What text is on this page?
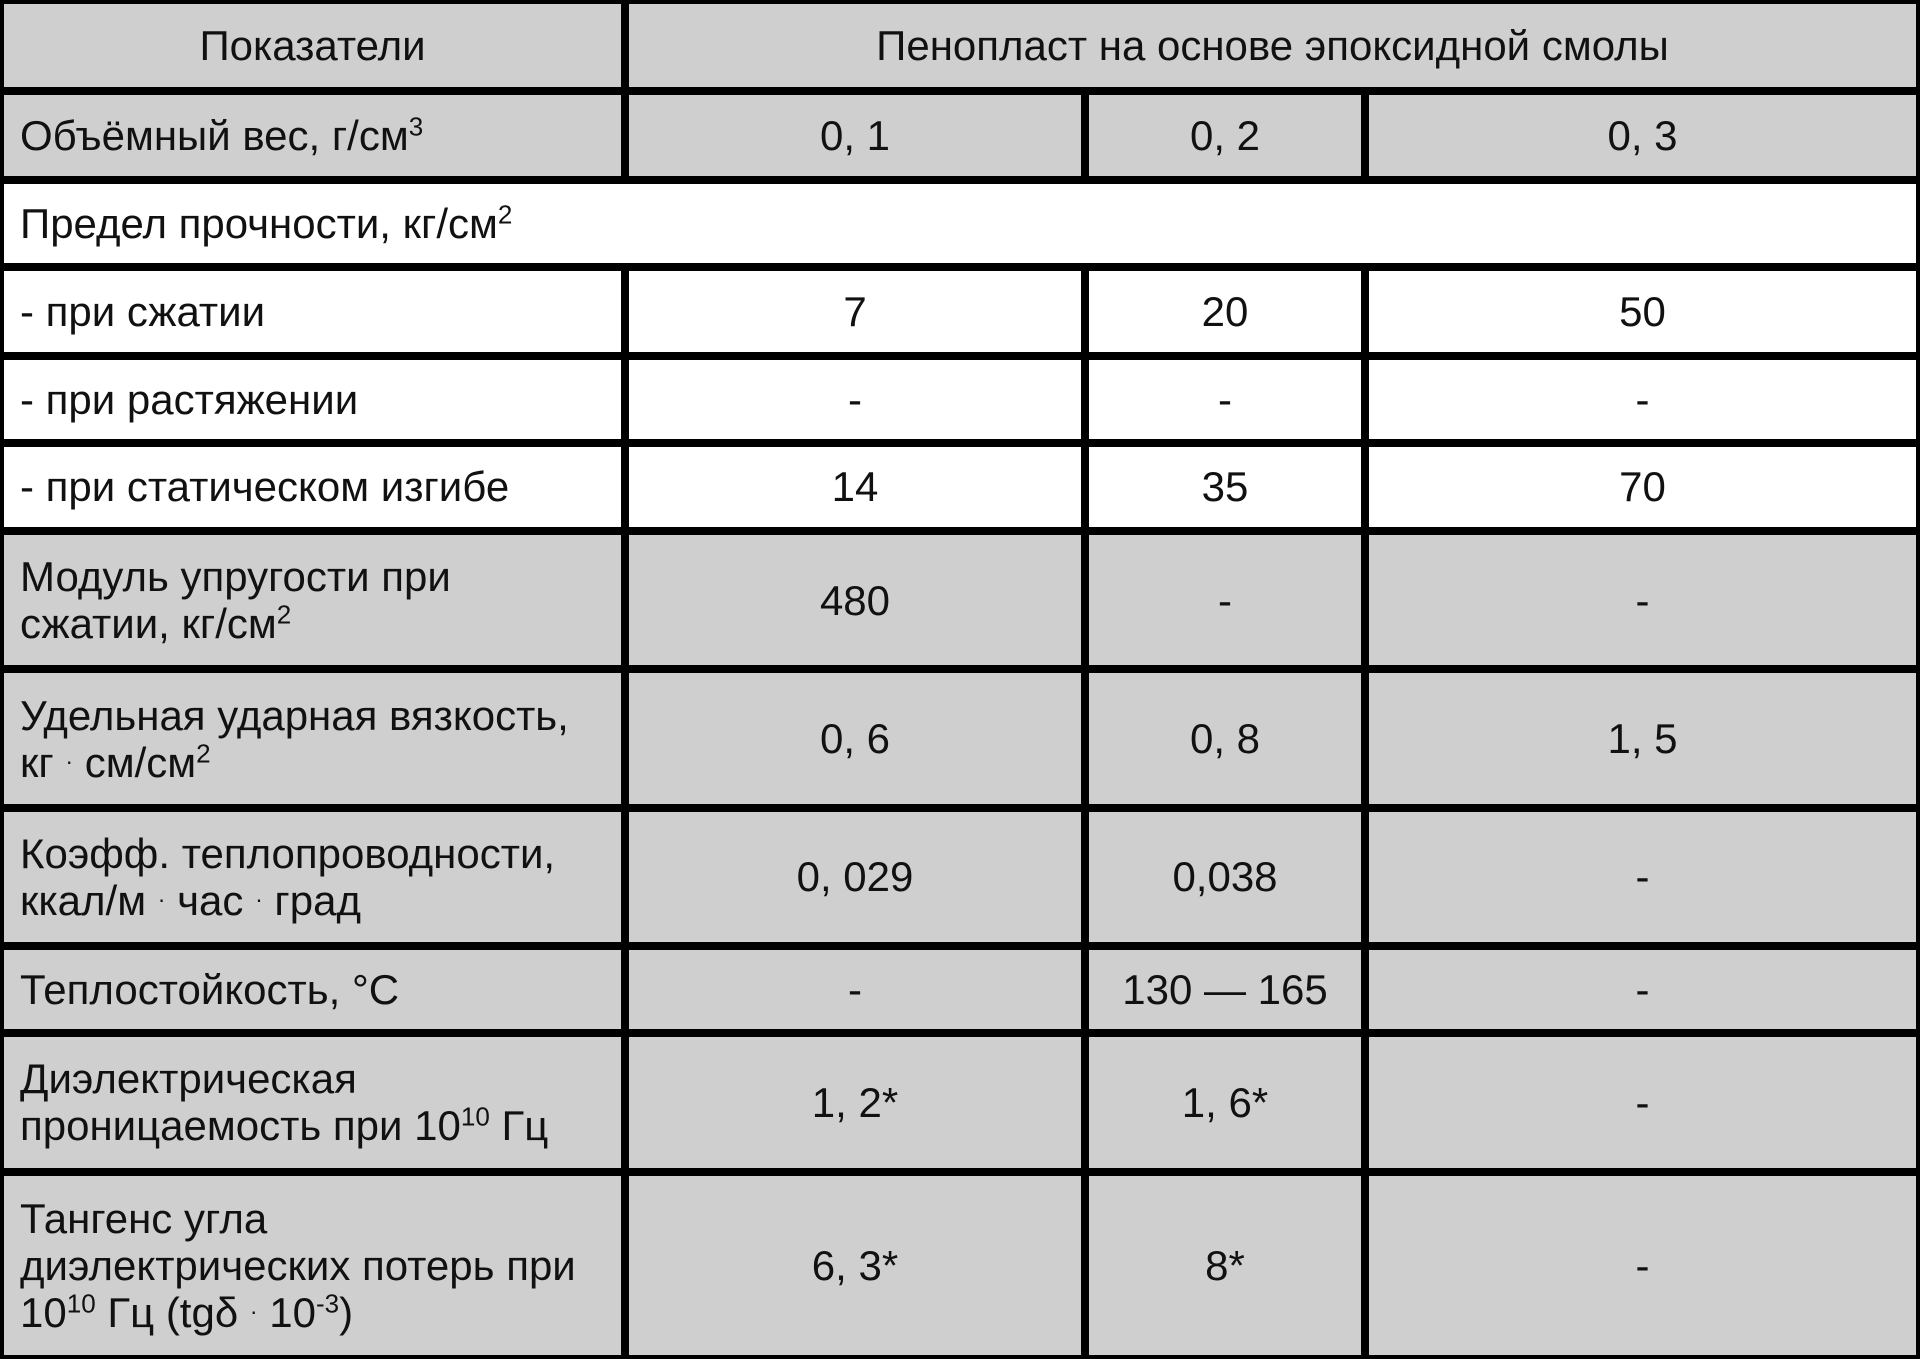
Показатели	Пенопласт на основе эпоксидной смолы		
Объёмный вес, $г/см^3$	0, 1	0, 2	0, 3
Предел прочности, $кг/см^2$
- при сжатии	7	20	50
- при растяжении	-	-	-
- при статическом изгибе	14	35	70
Модуль упругости при
сжатии, $кг/см^2$	480	-	-
Удельная ударная вязкость,
кг · $см/см^2$	0, 6	0, 8	1, 5
Коэфф. теплопроводности,
ккал/м · час · град	0, 029	0,038	-
Теплостойкость, °С	-	130 — 165	-
Диэлектрическая
проницаемость при $10^{10}$ Гц	1, 2*	1, 6*	-
Тангенс угла
диэлектрических потерь при
$10^{10}$ Гц $(tg\delta \cdot 10^{-3})$	6, 3*	8*	-
